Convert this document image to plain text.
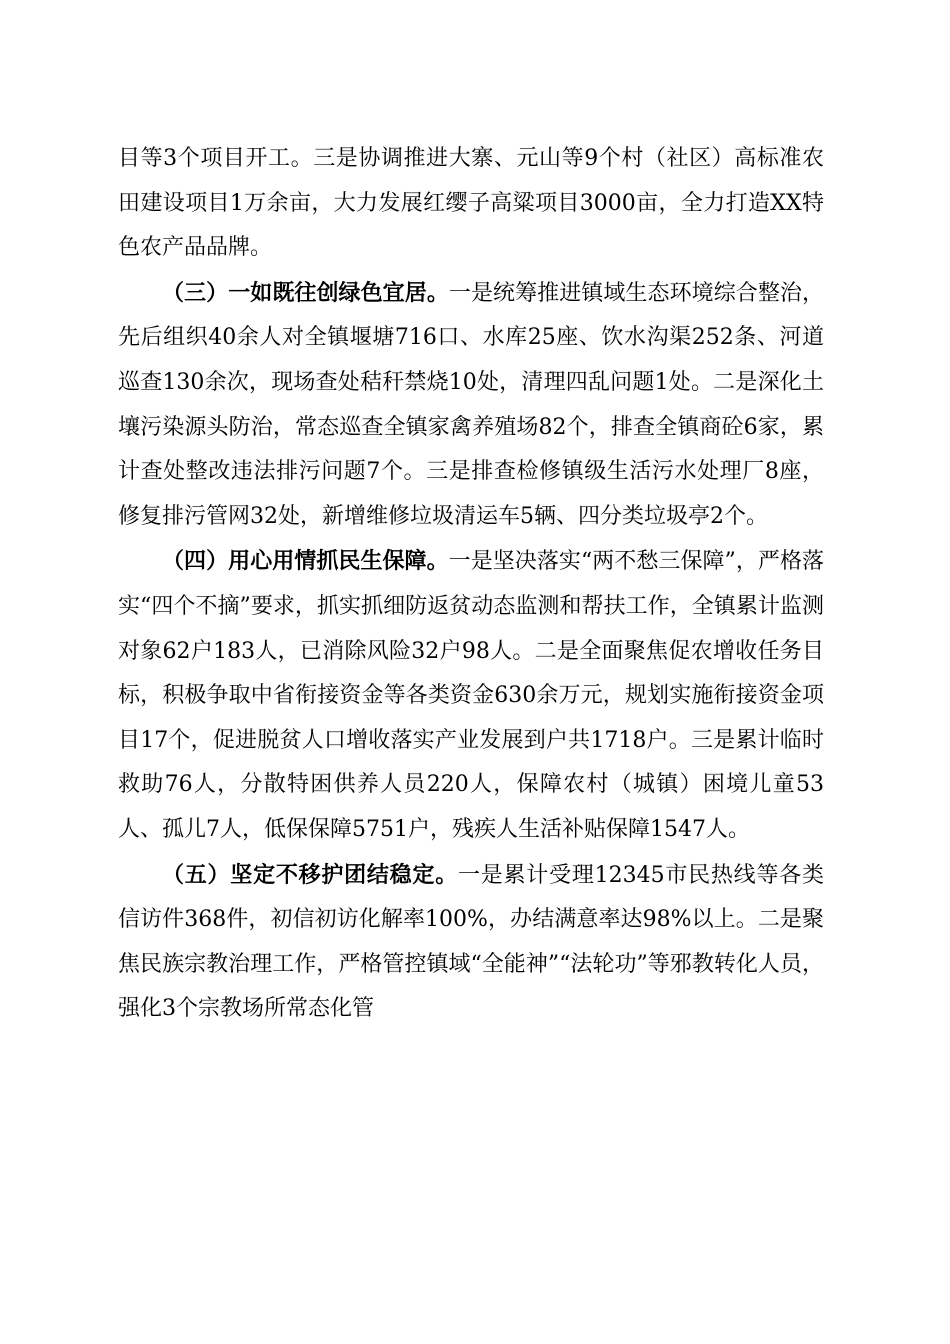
目等3个项目开工。三是协调推进大寨、元山等9个村（社区）高标准农田建设项目1万余亩，大力发展红缨子高粱项目3000亩，全力打造XX特色农产品品牌。

（三）一如既往创绿色宜居。一是统筹推进镇域生态环境综合整治，先后组织40余人对全镇堰塘716口、水库25座、饮水沟渠252条、河道巡查130余次，现场查处秸秆禁烧10处，清理四乱问题1处。二是深化土壤污染源头防治，常态巡查全镇家禽养殖场82个，排查全镇商砼6家，累计查处整改违法排污问题7个。三是排查检修镇级生活污水处理厂8座，修复排污管网32处，新增维修垃圾清运车5辆、四分类垃圾亭2个。

（四）用心用情抓民生保障。一是坚决落实“两不愁三保障”，严格落实“四个不摘”要求，抓实抓细防返贫动态监测和帮扶工作，全镇累计监测对象62户183人，已消除风险32户98人。二是全面聚焦促农增收任务目标，积极争取中省衔接资金等各类资金630余万元，规划实施衔接资金项目17个，促进脱贫人口增收落实产业发展到户共1718户。三是累计临时救助76人，分散特困供养人员220人，保障农村（城镇）困境儿童53人、孤儿7人，低保保障5751户，残疾人生活补贴保障1547人。

（五）坚定不移护团结稳定。一是累计受理12345市民热线等各类信访件368件，初信初访化解率100%，办结满意率达98%以上。二是聚焦民族宗教治理工作，严格管控镇域“全能神”“法轮功”等邪教转化人员，强化3个宗教场所常态化管
